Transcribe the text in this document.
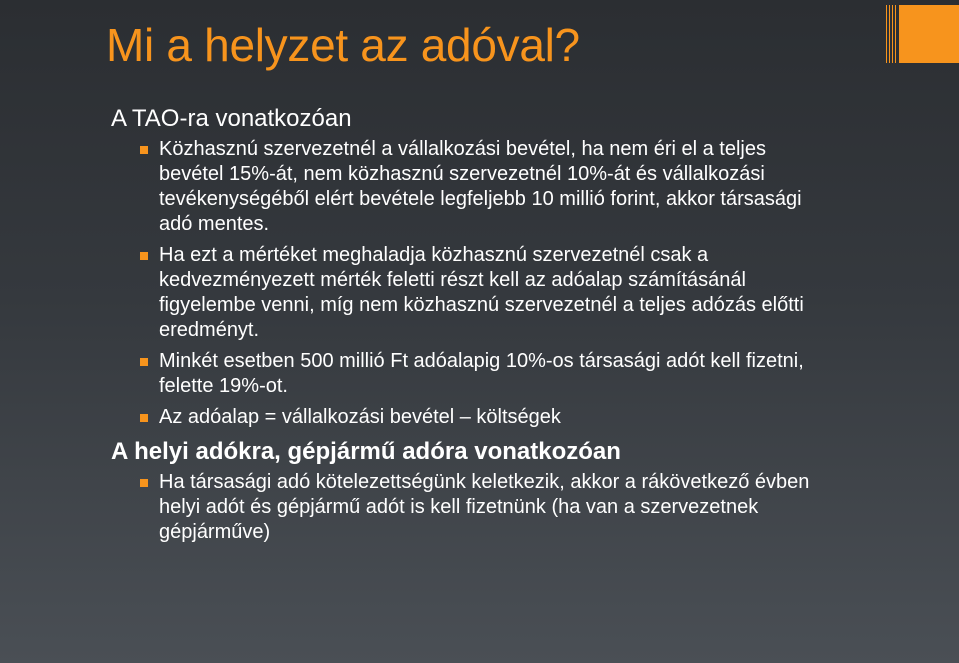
Mi a helyzet az adóval?
A TAO-ra vonatkozóan
Közhasznú szervezetnél a vállalkozási bevétel, ha nem éri el a teljes bevétel 15%-át, nem közhasznú szervezetnél 10%-át és vállalkozási tevékenységéből elért bevétele legfeljebb 10 millió forint, akkor társasági adó mentes.
Ha ezt a mértéket meghaladja közhasznú szervezetnél csak a kedvezményezett mérték feletti részt kell az adóalap számításánál figyelembe venni, míg nem közhasznú szervezetnél a teljes adózás előtti eredményt.
Minkét esetben 500 millió Ft adóalapig 10%-os társasági adót kell fizetni, felette 19%-ot.
Az adóalap = vállalkozási bevétel – költségek
A helyi adókra, gépjármű adóra vonatkozóan
Ha társasági adó kötelezettségünk keletkezik, akkor a rákövetkező évben helyi adót és gépjármű adót is kell fizetnünk (ha van a szervezetnek gépjárműve)
